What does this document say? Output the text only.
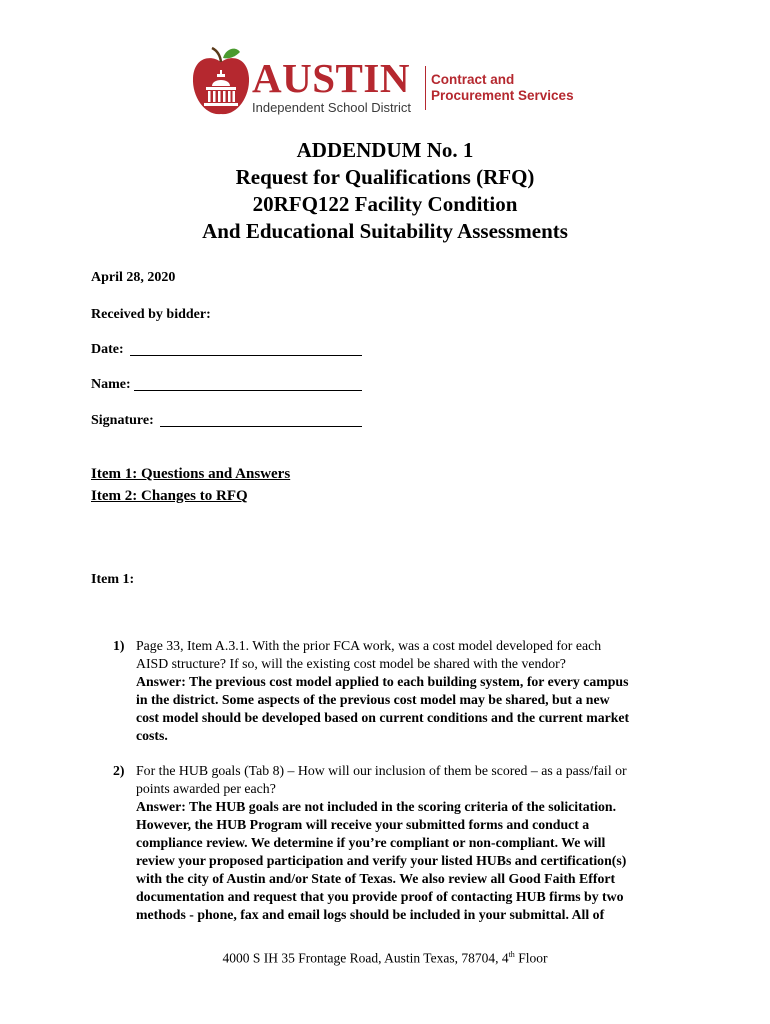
AUSTIN
Independent School District
Contract and
Procurement Services
ADDENDUM No. 1
Request for Qualifications (RFQ)
20RFQ122 Facility Condition
And Educational Suitability Assessments
April 28, 2020
Received by bidder:
Date:
Name:
Signature:
Item 1: Questions and Answers
Item 2: Changes to RFQ
Item 1:
1) Page 33, Item A.3.1. With the prior FCA work, was a cost model developed for each
AISD structure? If so, will the existing cost model be shared with the vendor?
Answer: The previous cost model applied to each building system, for every campus
in the district. Some aspects of the previous cost model may be shared, but a new
cost model should be developed based on current conditions and the current market
costs.
2) For the HUB goals (Tab 8) – How will our inclusion of them be scored – as a pass/fail or
points awarded per each?
Answer: The HUB goals are not included in the scoring criteria of the solicitation.
However, the HUB Program will receive your submitted forms and conduct a
compliance review. We determine if you’re compliant or non-compliant. We will
review your proposed participation and verify your listed HUBs and certification(s)
with the city of Austin and/or State of Texas. We also review all Good Faith Effort
documentation and request that you provide proof of contacting HUB firms by two
methods - phone, fax and email logs should be included in your submittal. All of
4000 S IH 35 Frontage Road, Austin Texas, 78704, 4th Floor
